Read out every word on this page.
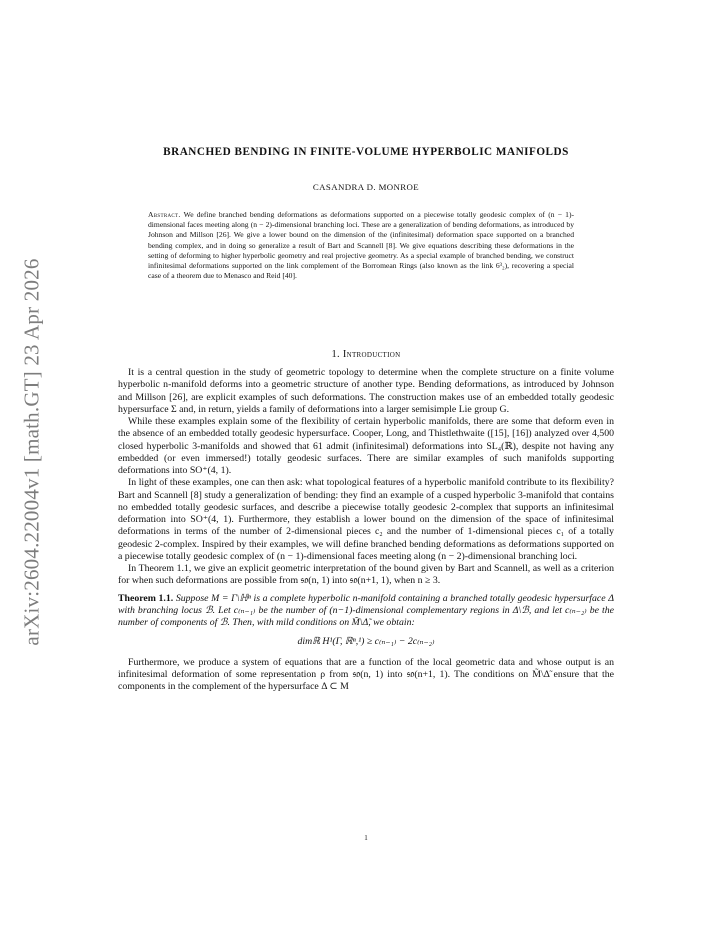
arXiv:2604.22004v1 [math.GT] 23 Apr 2026
BRANCHED BENDING IN FINITE-VOLUME HYPERBOLIC MANIFOLDS
CASANDRA D. MONROE
Abstract. We define branched bending deformations as deformations supported on a piecewise totally geodesic complex of (n − 1)-dimensional faces meeting along (n − 2)-dimensional branching loci. These are a generalization of bending deformations, as introduced by Johnson and Millson [26]. We give a lower bound on the dimension of the (infinitesimal) deformation space supported on a branched bending complex, and in doing so generalize a result of Bart and Scannell [8]. We give equations describing these deformations in the setting of deforming to higher hyperbolic geometry and real projective geometry. As a special example of branched bending, we construct infinitesimal deformations supported on the link complement of the Borromean Rings (also known as the link 6³₂), recovering a special case of a theorem due to Menasco and Reid [40].
1. Introduction

It is a central question in the study of geometric topology to determine when the complete structure on a finite volume hyperbolic n-manifold deforms into a geometric structure of another type. Bending deformations, as introduced by Johnson and Millson [26], are explicit examples of such deformations. The construction makes use of an embedded totally geodesic hypersurface Σ and, in return, yields a family of deformations into a larger semisimple Lie group G.

While these examples explain some of the flexibility of certain hyperbolic manifolds, there are some that deform even in the absence of an embedded totally geodesic hypersurface. Cooper, Long, and Thistlethwaite ([15], [16]) analyzed over 4,500 closed hyperbolic 3-manifolds and showed that 61 admit (infinitesimal) deformations into SL₄(ℝ), despite not having any embedded (or even immersed!) totally geodesic surfaces. There are similar examples of such manifolds supporting deformations into SO⁺(4, 1).

In light of these examples, one can then ask: what topological features of a hyperbolic manifold contribute to its flexibility? Bart and Scannell [8] study a generalization of bending: they find an example of a cusped hyperbolic 3-manifold that contains no embedded totally geodesic surfaces, and describe a piecewise totally geodesic 2-complex that supports an infinitesimal deformation into SO⁺(4, 1). Furthermore, they establish a lower bound on the dimension of the space of infinitesimal deformations in terms of the number of 2-dimensional pieces c₂ and the number of 1-dimensional pieces c₁ of a totally geodesic 2-complex. Inspired by their examples, we will define branched bending deformations as deformations supported on a piecewise totally geodesic complex of (n − 1)-dimensional faces meeting along (n − 2)-dimensional branching loci.

In Theorem 1.1, we give an explicit geometric interpretation of the bound given by Bart and Scannell, as well as a criterion for when such deformations are possible from 𝔰𝔬(n, 1) into 𝔰𝔬(n+1, 1), when n ≥ 3.

Theorem 1.1. Suppose M = Γ\ℍⁿ is a complete hyperbolic n-manifold containing a branched totally geodesic hypersurface Δ with branching locus ℬ. Let c₍ₙ₋₁₎ be the number of (n−1)-dimensional complementary regions in Δ\ℬ, and let c₍ₙ₋₂₎ be the number of components of ℬ. Then, with mild conditions on M̃\Δ̃, we obtain:

dimℝ H¹(Γ, ℝⁿ,¹) ≥ c₍ₙ₋₁₎ − 2c₍ₙ₋₂₎

Furthermore, we produce a system of equations that are a function of the local geometric data and whose output is an infinitesimal deformation of some representation ρ from 𝔰𝔬(n, 1) into 𝔰𝔬(n+1, 1). The conditions on M̃\Δ̃ ensure that the components in the complement of the hypersurface Δ ⊂ M

1
